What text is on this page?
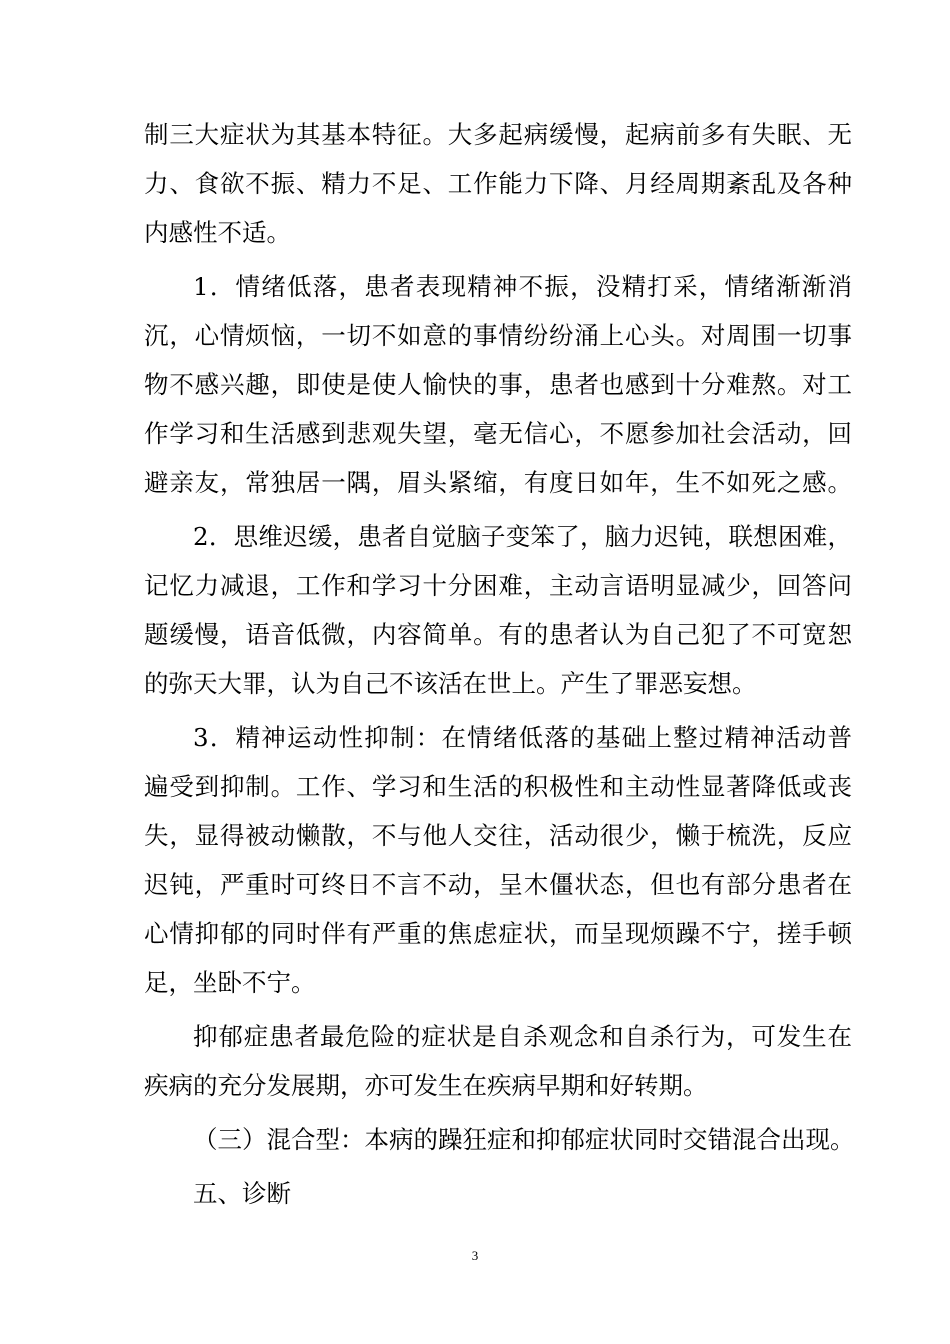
制三大症状为其基本特征。大多起病缓慢，起病前多有失眠、无
力、食欲不振、精力不足、工作能力下降、月经周期紊乱及各种
内感性不适。
1．情绪低落，患者表现精神不振，没精打采，情绪渐渐消
沉，心情烦恼，一切不如意的事情纷纷涌上心头。对周围一切事
物不感兴趣，即使是使人愉快的事，患者也感到十分难熬。对工
作学习和生活感到悲观失望，毫无信心，不愿参加社会活动，回
避亲友，常独居一隅，眉头紧缩，有度日如年，生不如死之感。
2．思维迟缓，患者自觉脑子变笨了，脑力迟钝，联想困难，
记忆力减退，工作和学习十分困难，主动言语明显减少，回答问
题缓慢，语音低微，内容简单。有的患者认为自己犯了不可宽恕
的弥天大罪，认为自己不该活在世上。产生了罪恶妄想。
3．精神运动性抑制：在情绪低落的基础上整过精神活动普
遍受到抑制。工作、学习和生活的积极性和主动性显著降低或丧
失，显得被动懒散，不与他人交往，活动很少，懒于梳洗，反应
迟钝，严重时可终日不言不动，呈木僵状态，但也有部分患者在
心情抑郁的同时伴有严重的焦虑症状，而呈现烦躁不宁，搓手顿
足，坐卧不宁。
抑郁症患者最危险的症状是自杀观念和自杀行为，可发生在
疾病的充分发展期，亦可发生在疾病早期和好转期。
（三）混合型：本病的躁狂症和抑郁症状同时交错混合出现。
五、诊断
3
